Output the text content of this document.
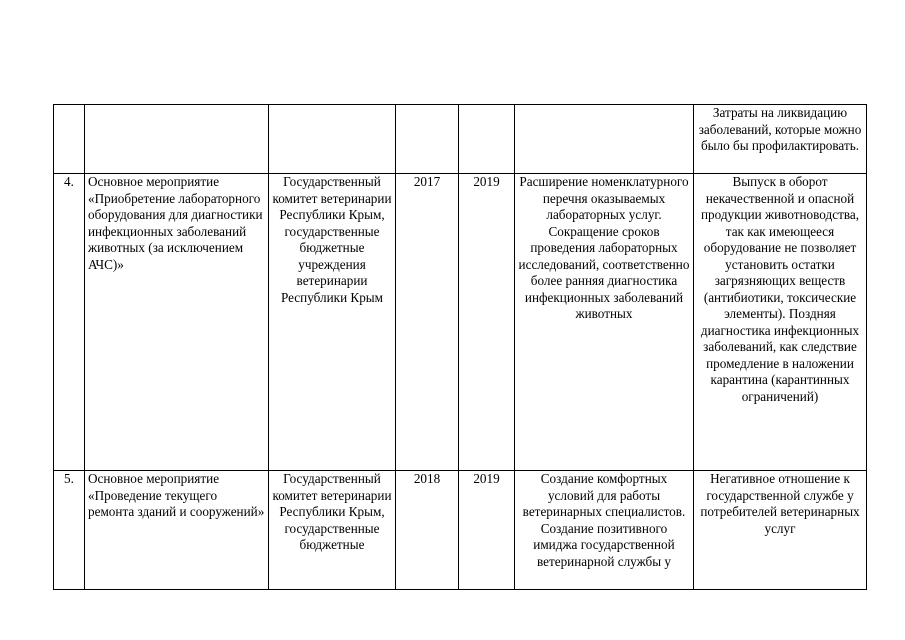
						Затраты на ликвидацию заболеваний, которые можно было бы профилактировать.
4.	Основное мероприятие «Приобретение лабораторного оборудования для диагностики инфекционных заболеваний животных (за исключением АЧС)»	Государственный комитет ветеринарии Республики Крым, государственные бюджетные учреждения ветеринарии Республики Крым	2017	2019	Расширение номенклатурного перечня оказываемых лабораторных услуг. Сокращение сроков проведения лабораторных исследований, соответственно более ранняя диагностика инфекционных заболеваний животных	Выпуск в оборот некачественной и опасной продукции животноводства, так как имеющееся оборудование не позволяет установить остатки загрязняющих веществ (антибиотики, токсические элементы). Поздняя диагностика инфекционных заболеваний, как следствие промедление в наложении карантина (карантинных ограничений)
5.	Основное мероприятие «Проведение текущего ремонта зданий и сооружений»	Государственный комитет ветеринарии Республики Крым, государственные бюджетные	2018	2019	Создание комфортных условий для работы ветеринарных специалистов. Создание позитивного имиджа государственной ветеринарной службы у	Негативное отношение к государственной службе у потребителей ветеринарных услуг
